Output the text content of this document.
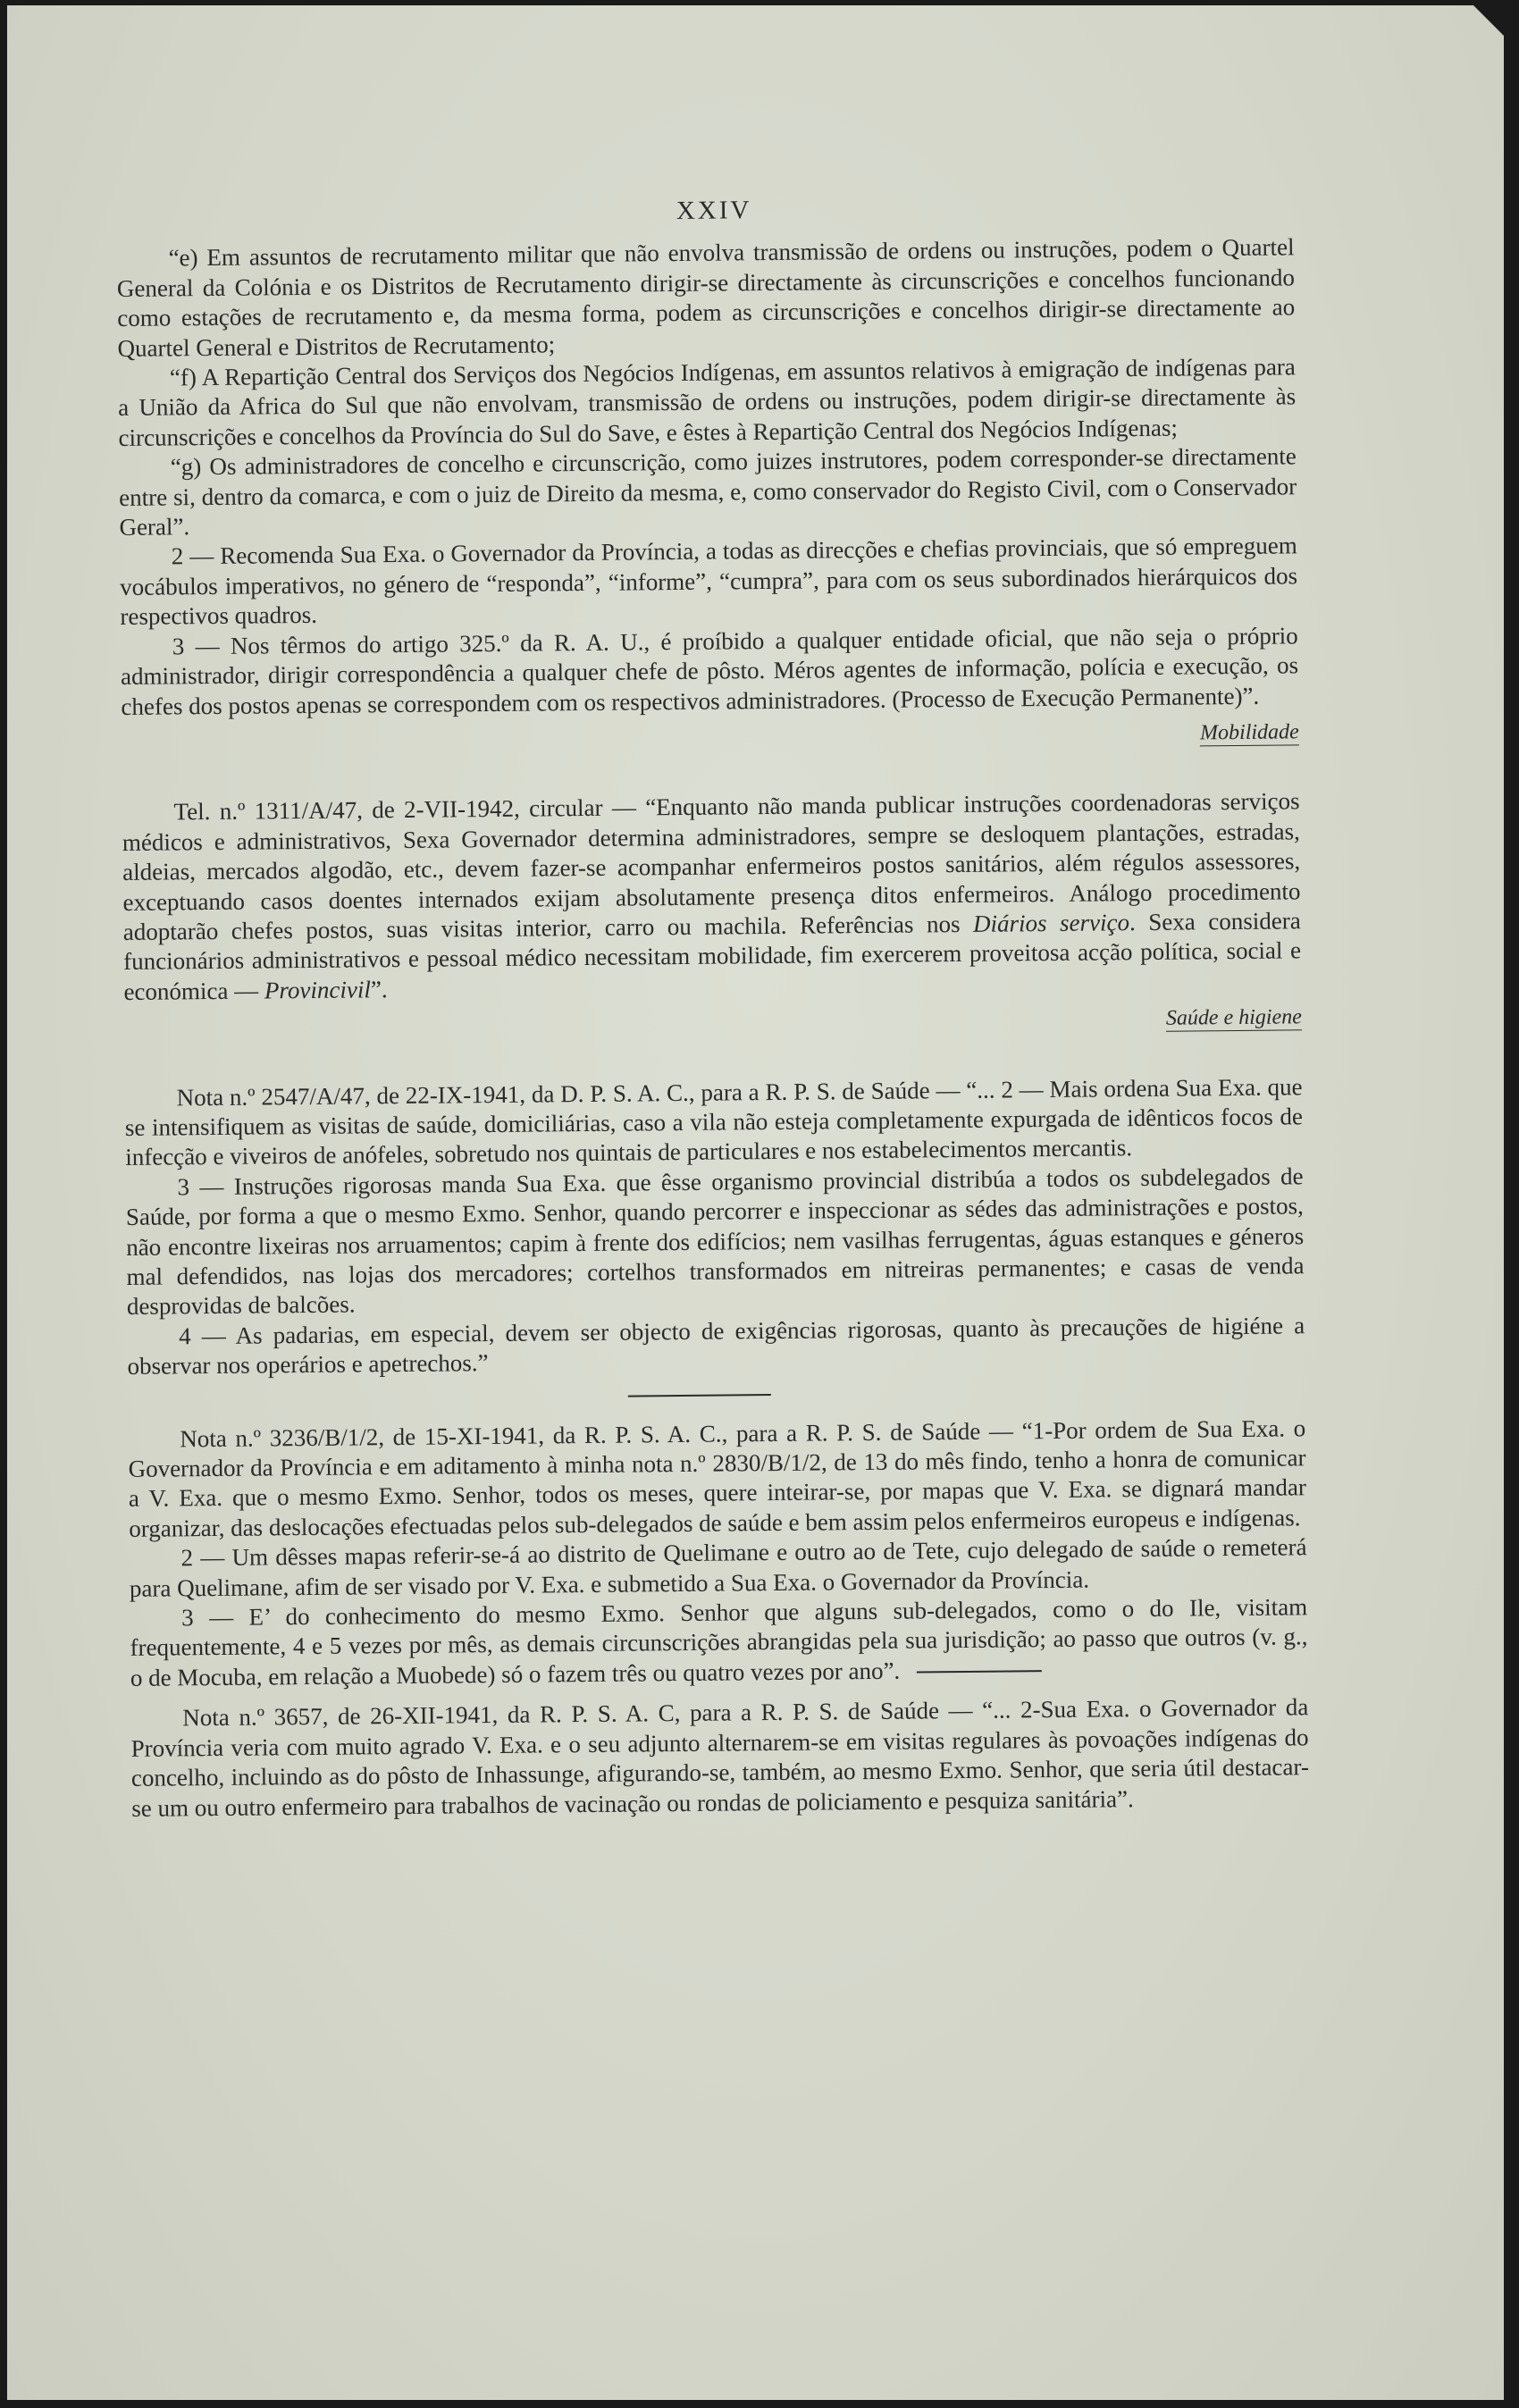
XXIV

“e) Em assuntos de recrutamento militar que não envolva transmissão de ordens ou instruções, podem o Quartel General da Colónia e os Distritos de Recrutamento dirigir-se directamente às circunscrições e concelhos funcionando como estações de recrutamento e, da mesma forma, podem as circunscrições e concelhos dirigir-se directamente ao Quartel General e Distritos de Recrutamento;

“f) A Repartição Central dos Serviços dos Negócios Indígenas, em assuntos relativos à emigração de indígenas para a União da Africa do Sul que não envolvam, transmissão de ordens ou instruções, podem dirigir-se directamente às circunscrições e concelhos da Província do Sul do Save, e êstes à Repartição Central dos Negócios Indígenas;

“g) Os administradores de concelho e circunscrição, como juizes instrutores, podem corresponder-se directamente entre si, dentro da comarca, e com o juiz de Direito da mesma, e, como conservador do Registo Civil, com o Conservador Geral”.

2 — Recomenda Sua Exa. o Governador da Província, a todas as direcções e chefias provinciais, que só empreguem vocábulos imperativos, no género de “responda”, “informe”, “cumpra”, para com os seus subordinados hierárquicos dos respectivos quadros.

3 — Nos têrmos do artigo 325.º da R. A. U., é proíbido a qualquer entidade oficial, que não seja o próprio administrador, dirigir correspondência a qualquer chefe de pôsto. Méros agentes de informação, polícia e execução, os chefes dos postos apenas se correspondem com os respectivos administradores. (Processo de Execução Permanente)”.

Mobilidade

Tel. n.º 1311/A/47, de 2-VII-1942, circular — “Enquanto não manda publicar instruções coordenadoras serviços médicos e administrativos, Sexa Governador determina administradores, sempre se desloquem plantações, estradas, aldeias, mercados algodão, etc., devem fazer-se acompanhar enfermeiros postos sanitários, além régulos assessores, exceptuando casos doentes internados exijam absolutamente presença ditos enfermeiros. Análogo procedimento adoptarão chefes postos, suas visitas interior, carro ou machila. Referências nos Diários serviço. Sexa considera funcionários administrativos e pessoal médico necessitam mobilidade, fim exercerem proveitosa acção política, social e económica — Provincivil”.

Saúde e higiene

Nota n.º 2547/A/47, de 22-IX-1941, da D. P. S. A. C., para a R. P. S. de Saúde — “... 2 — Mais ordena Sua Exa. que se intensifiquem as visitas de saúde, domiciliárias, caso a vila não esteja completamente expurgada de idênticos focos de infecção e viveiros de anófeles, sobretudo nos quintais de particulares e nos estabelecimentos mercantis.

3 — Instruções rigorosas manda Sua Exa. que êsse organismo provincial distribúa a todos os subdelegados de Saúde, por forma a que o mesmo Exmo. Senhor, quando percorrer e inspeccionar as sédes das administrações e postos, não encontre lixeiras nos arruamentos; capim à frente dos edifícios; nem vasilhas ferrugentas, águas estanques e géneros mal defendidos, nas lojas dos mercadores; cortelhos transformados em nitreiras permanentes; e casas de venda desprovidas de balcões.

4 — As padarias, em especial, devem ser objecto de exigências rigorosas, quanto às precauções de higiéne a observar nos operários e apetrechos.”

Nota n.º 3236/B/1/2, de 15-XI-1941, da R. P. S. A. C., para a R. P. S. de Saúde — “1-Por ordem de Sua Exa. o Governador da Província e em aditamento à minha nota n.º 2830/B/1/2, de 13 do mês findo, tenho a honra de comunicar a V. Exa. que o mesmo Exmo. Senhor, todos os meses, quere inteirar-se, por mapas que V. Exa. se dignará mandar organizar, das deslocações efectuadas pelos sub-delegados de saúde e bem assim pelos enfermeiros europeus e indígenas.

2 — Um dêsses mapas referir-se-á ao distrito de Quelimane e outro ao de Tete, cujo delegado de saúde o remeterá para Quelimane, afim de ser visado por V. Exa. e submetido a Sua Exa. o Governador da Província.

3 — E’ do conhecimento do mesmo Exmo. Senhor que alguns sub-delegados, como o do Ile, visitam frequentemente, 4 e 5 vezes por mês, as demais circunscrições abrangidas pela sua jurisdição; ao passo que outros (v. g., o de Mocuba, em relação a Muobede) só o fazem três ou quatro vezes por ano”.

Nota n.º 3657, de 26-XII-1941, da R. P. S. A. C, para a R. P. S. de Saúde — “... 2-Sua Exa. o Governador da Província veria com muito agrado V. Exa. e o seu adjunto alternarem-se em visitas regulares às povoações indígenas do concelho, incluindo as do pôsto de Inhassunge, afigurando-se, também, ao mesmo Exmo. Senhor, que seria útil destacar-se um ou outro enfermeiro para trabalhos de vacinação ou rondas de policiamento e pesquiza sanitária”.
